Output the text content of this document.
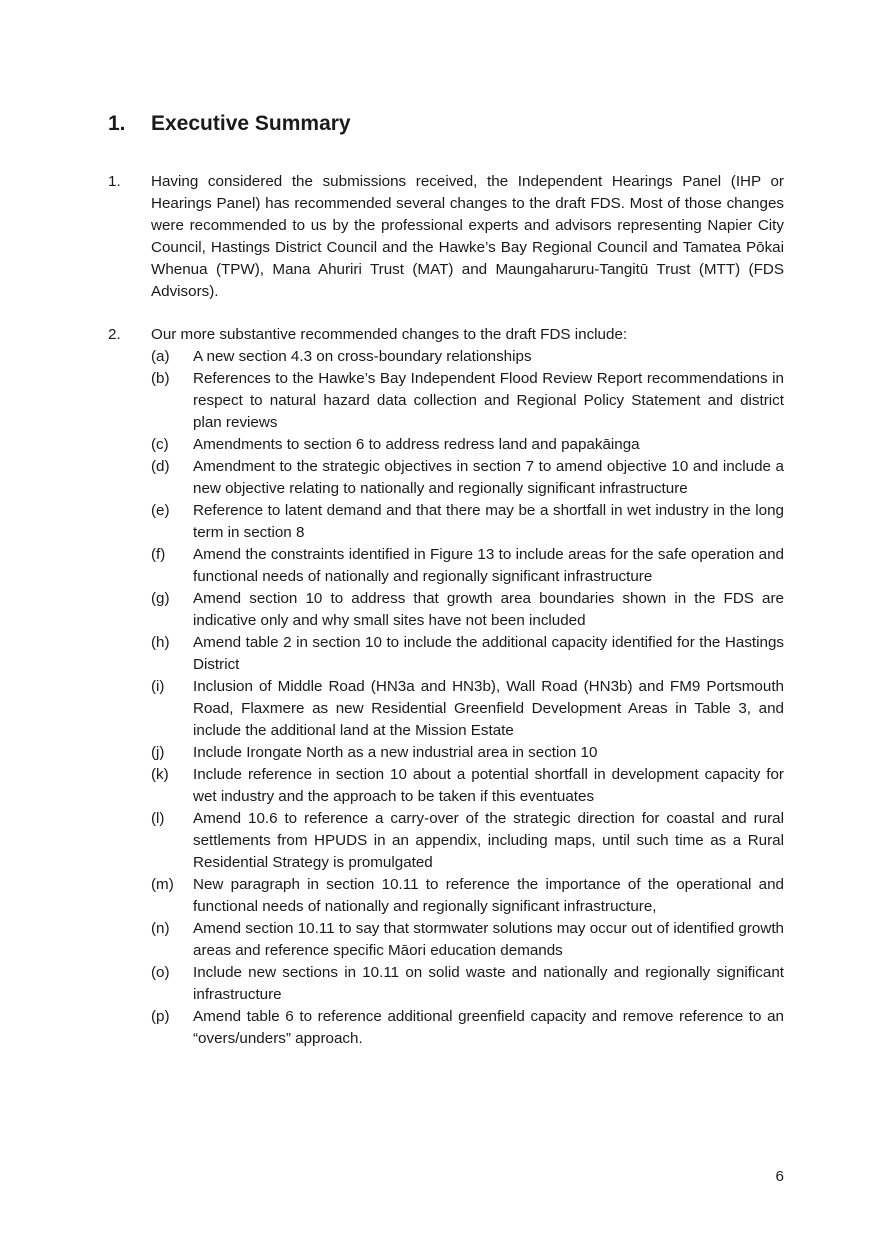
1. Executive Summary
1. Having considered the submissions received, the Independent Hearings Panel (IHP or Hearings Panel) has recommended several changes to the draft FDS. Most of those changes were recommended to us by the professional experts and advisors representing Napier City Council, Hastings District Council and the Hawke’s Bay Regional Council and Tamatea Pōkai Whenua (TPW), Mana Ahuriri Trust (MAT) and Maungaharuru-Tangitū Trust (MTT) (FDS Advisors).
2. Our more substantive recommended changes to the draft FDS include:
(a) A new section 4.3 on cross-boundary relationships
(b) References to the Hawke’s Bay Independent Flood Review Report recommendations in respect to natural hazard data collection and Regional Policy Statement and district plan reviews
(c) Amendments to section 6 to address redress land and papakāinga
(d) Amendment to the strategic objectives in section 7 to amend objective 10 and include a new objective relating to nationally and regionally significant infrastructure
(e) Reference to latent demand and that there may be a shortfall in wet industry in the long term in section 8
(f) Amend the constraints identified in Figure 13 to include areas for the safe operation and functional needs of nationally and regionally significant infrastructure
(g) Amend section 10 to address that growth area boundaries shown in the FDS are indicative only and why small sites have not been included
(h) Amend table 2 in section 10 to include the additional capacity identified for the Hastings District
(i) Inclusion of Middle Road (HN3a and HN3b), Wall Road (HN3b) and FM9 Portsmouth Road, Flaxmere as new Residential Greenfield Development Areas in Table 3, and include the additional land at the Mission Estate
(j) Include Irongate North as a new industrial area in section 10
(k) Include reference in section 10 about a potential shortfall in development capacity for wet industry and the approach to be taken if this eventuates
(l) Amend 10.6 to reference a carry-over of the strategic direction for coastal and rural settlements from HPUDS in an appendix, including maps, until such time as a Rural Residential Strategy is promulgated
(m) New paragraph in section 10.11 to reference the importance of the operational and functional needs of nationally and regionally significant infrastructure,
(n) Amend section 10.11 to say that stormwater solutions may occur out of identified growth areas and reference specific Māori education demands
(o) Include new sections in 10.11 on solid waste and nationally and regionally significant infrastructure
(p) Amend table 6 to reference additional greenfield capacity and remove reference to an “overs/unders” approach.
6
